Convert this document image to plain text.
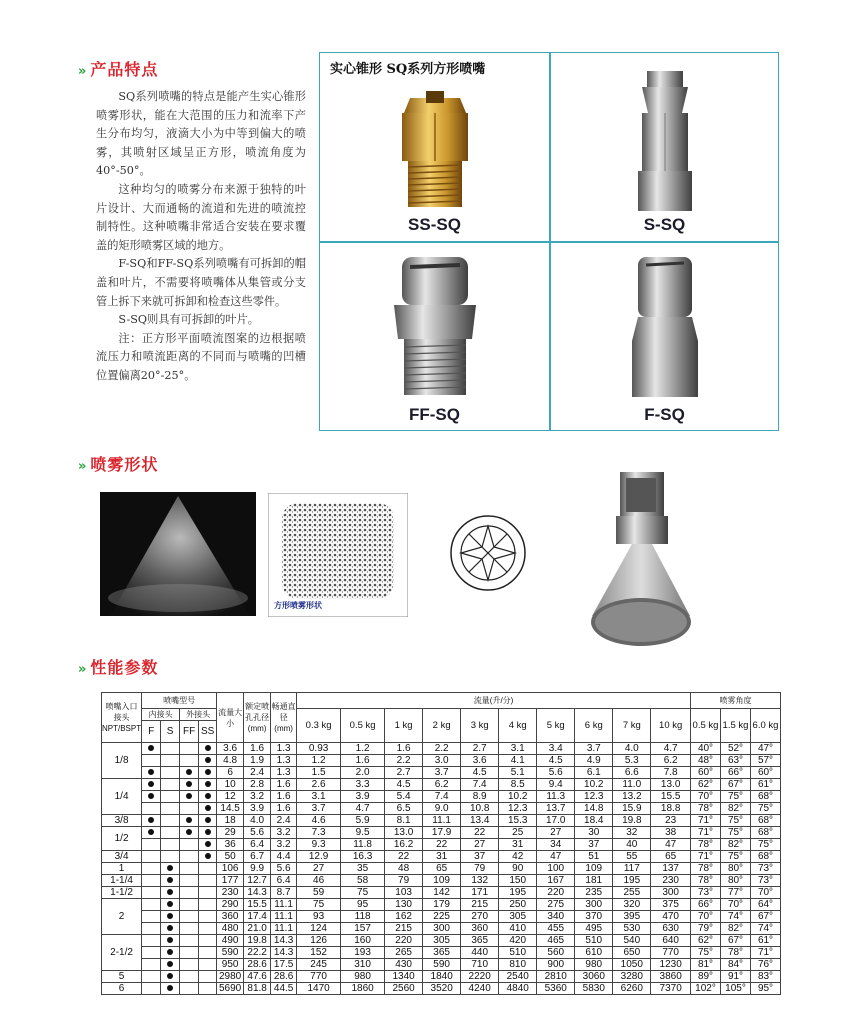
» 产品特点

SQ系列喷嘴的特点是能产生实心锥形喷雾形状，能在大范围的压力和流率下产生分布均匀，液滴大小为中等到偏大的喷雾，其喷射区域呈正方形，喷流角度为40°-50°。

这种均匀的喷雾分布来源于独特的叶片设计、大而通畅的流道和先进的喷流控制特性。这种喷嘴非常适合安装在要求覆盖的矩形喷雾区域的地方。

F-SQ和FF-SQ系列喷嘴有可拆卸的帽盖和叶片，不需要将喷嘴体从集管或分支管上拆下来就可拆卸和检查这些零件。

S-SQ则具有可拆卸的叶片。

注：正方形平面喷流图案的边根据喷流压力和喷流距离的不同而与喷嘴的凹槽位置偏离20°-25°。

实心锥形 SQ系列方形喷嘴
SS-SQ	S-SQ
FF-SQ	F-SQ
» 喷雾形状
方形喷雾形状
» 性能参数
喷嘴入口接头NPT/BSPT	喷嘴型号				流量大小	额定喷孔孔径(mm)	畅通直径(mm)	流量(升/分)										喷雾角度		
	内接头		外接头					0.3 kg	0.5 kg	1 kg	2 kg	3 kg	4 kg	5 kg	6 kg	7 kg	10 kg	0.5 kg	1.5 kg	6.0 kg
	F	S	FF	SS																
1/8					3.6	1.6	1.3	0.93	1.2	1.6	2.2	2.7	3.1	3.4	3.7	4.0	4.7	40°	52°	47°
					4.8	1.9	1.3	1.2	1.6	2.2	3.0	3.6	4.1	4.5	4.9	5.3	6.2	48°	63°	57°
					6	2.4	1.3	1.5	2.0	2.7	3.7	4.5	5.1	5.6	6.1	6.6	7.8	60°	66°	60°
1/4					10	2.8	1.6	2.6	3.3	4.5	6.2	7.4	8.5	9.4	10.2	11.0	13.0	62°	67°	61°
					12	3.2	1.6	3.1	3.9	5.4	7.4	8.9	10.2	11.3	12.3	13.2	15.5	70°	75°	68°
					14.5	3.9	1.6	3.7	4.7	6.5	9.0	10.8	12.3	13.7	14.8	15.9	18.8	78°	82°	75°
3/8					18	4.0	2.4	4.6	5.9	8.1	11.1	13.4	15.3	17.0	18.4	19.8	23	71°	75°	68°
1/2					29	5.6	3.2	7.3	9.5	13.0	17.9	22	25	27	30	32	38	71°	75°	68°
					36	6.4	3.2	9.3	11.8	16.2	22	27	31	34	37	40	47	78°	82°	75°
3/4					50	6.7	4.4	12.9	16.3	22	31	37	42	47	51	55	65	71°	75°	68°
1					106	9.9	5.6	27	35	48	65	79	90	100	109	117	137	78°	80°	73°
1-1/4					177	12.7	6.4	46	58	79	109	132	150	167	181	195	230	78°	80°	73°
1-1/2					230	14.3	8.7	59	75	103	142	171	195	220	235	255	300	73°	77°	70°
2					290	15.5	11.1	75	95	130	179	215	250	275	300	320	375	66°	70°	64°
					360	17.4	11.1	93	118	162	225	270	305	340	370	395	470	70°	74°	67°
					480	21.0	11.1	124	157	215	300	360	410	455	495	530	630	79°	82°	74°
2-1/2					490	19.8	14.3	126	160	220	305	365	420	465	510	540	640	62°	67°	61°
					590	22.2	14.3	152	193	265	365	440	510	560	610	650	770	75°	78°	71°
					950	28.6	17.5	245	310	430	590	710	810	900	980	1050	1230	81°	84°	76°
5					2980	47.6	28.6	770	980	1340	1840	2220	2540	2810	3060	3280	3860	89°	91°	83°
6					5690	81.8	44.5	1470	1860	2560	3520	4240	4840	5360	5830	6260	7370	102°	105°	95°
